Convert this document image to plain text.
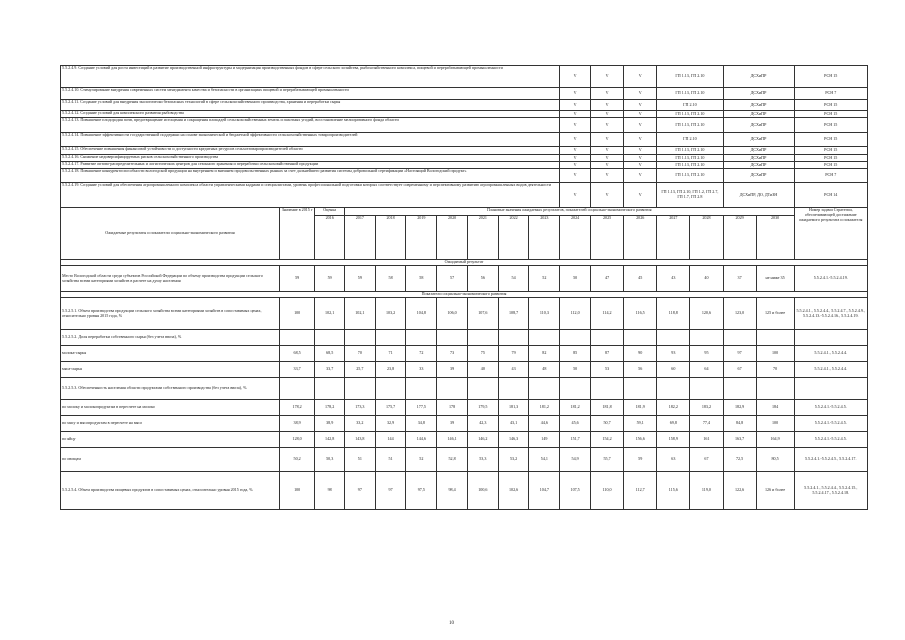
5.5.2.4.9. Создание условий для роста инвестиций в развитие производственной инфраструктуры и модернизация производственных фондов в сфере сельского хозяйства, рыбохозяйственного комплекса, пищевой и перерабатывающей промышленности										V	V	V	ГП 1.13, ГП 2.10		ДСХиПР		РСН 15
5.5.2.4.10. Стимулирование внедрения современных систем менеджмента качества и безопасности в организациях пищевой и перерабатывающей промышленности										V	V	V	ГП 1.13, ГП 2.10		ДСХиПР		РСН 7
5.5.2.4.11. Создание условий для внедрения экологически безопасных технологий в сфере сельскохозяйственного производства, хранения и переработки сырья										V	V	V	ГП 2.10		ДСХиПР		РСН 15
5.5.2.4.12. Создание условий для комплексного развития рыбоводства										V	V	V	ГП 1.13, ГП 2.10		ДСХиПР		РСН 15
5.5.2.4.13. Повышение плодородия почв, предотвращение истощения и сокращения площадей сельскохозяйственных земель и пахотных угодий, восстановление мелиоративного фонда области										V	V	V	ГП 1.13, ГП 2.10		ДСХиПР		РСН 15
5.5.2.4.14. Повышение эффективности государственной поддержки на основе экономической и бюджетной эффективности сельскохозяйственных товаропроизводителей										V	V	V	ГП 2.10		ДСХиПР		РСН 15
5.5.2.4.15. Обеспечение повышения финансовой устойчивости и доступности кредитных ресурсов сельхозтоваропроизводителей области										V	V	V	ГП 1.13, ГП 2.10		ДСХиПР		РСН 15
5.5.2.4.16. Снижение недиверсифицируемых рисков сельскохозяйственного производства										V	V	V	ГП 1.13, ГП 2.10		ДСХиПР		РСН 15
5.5.2.4.17. Развитие оптово-распределительных и логистических центров для сезонного хранения и переработки сельскохозяйственной продукции										V	V	V	ГП 1.13, ГП 2.10		ДСХиПР		РСН 15
5.5.2.4.18. Повышение конкурентоспособности вологодской продукции на внутреннем и внешнем продовольственных рынках за счет дальнейшего развития системы добровольной сертификации «Настоящий Вологодский продукт»										V	V	V	ГП 1.13, ГП 2.10		ДСХиПР		РСН 7
5.5.2.4.19. Создание условий для обеспечения агропромышленного комплекса области управленческими кадрами и специалистами, уровень профессиональной подготовки которых соответствует современному и перспективному развитию агропромышленных видов деятельности										V	V	V	ГП 1.13, ГП 2.10, ГП 1.2, ГП 2.7, ГП 1.7, ГП 2.8		ДСХиПР, ДО, ДТиЗН		РСН 14
Ожидаемые результаты и показатели социально-экономического развития	Значение в 2015 г	Оценка	Плановые значения ожидаемых результатов, показателей социально-экономического развития														Номер задачи Стратегии, обеспечивающей достижение ожидаемого результата и показателя
		2016	2017	2018	2019	2020	2021	2022	2023	2024	2025	2026	2027	2028	2029	2030	
Ожидаемый результат																	
Место Вологодской области среди субъектов Российской Федерации по объему производства продукции сельского хозяйства всеми категориями хозяйств в расчете на душу населения	59	59	59	58	58	57	56	54	52	50	47	45	43	40	37	не ниже 35	5.5.2.4.1.-5.5.2.4.19.
Показатели социально-экономического развития																	
5.5.2.5.1. Объем производства продукции сельского хозяйства всеми категориями хозяйств в сопоставимых ценах, относительно уровня 2015 года, %	100	102,1	102,1	103,2	104,8	106,0	107,6	108,7	110,3	112,0	114,2	116,5	118,8	120,6	123,0	125 и более	5.5.2.4.1., 5.5.2.4.4., 5.5.2.4.7., 5.5.2.4.9., 5.5.2.4.13.-5.5.2.4.16., 5.5.2.4.19.
5.5.2.5.2. Доля переработки собственного сырья (без учета ввоза), %																	
молока-сырья	68,5	68,5	70	71	72	73	75	79	82	85	87	90	93	95	97	100	5.5.2.4.1., 5.5.2.4.4.
мяса-сырья	33,7	33,7	25,7	23,8	33	39	40	43	48	50	53	56	60	64	67	70	5.5.2.4.1., 5.5.2.4.4.
5.5.2.5.3. Обеспеченность населения области продуктами собственного производства (без учета ввоза), %																	
по молоку и молокопродуктам в пересчете на молоко	178,2	178,2	173,3	175,7	177,5	178	179,5	181,3	181,2	181,2	181,8	181,9	182,2	183,2	182,9	184	5.5.2.4.1.-5.5.2.4.5.
по мясу и мясопродуктам в пересчете на мясо	38,9	38,9	33,2	32,9	34,8	39	42,3	43,1	44,6	45,6	50,7	59,1	69,8	77,4	84,8	100	5.5.2.4.1.-5.5.2.4.5.
по яйцу	128,0	142,8	143,8	144	144,6	146,1	146,2	146,3	149	151,7	154,2	156,6	158,9	161	163,7	164,9	5.5.2.4.1.-5.5.2.4.5.
по овощам	50,2	50,3	51	51	52	52,8	53,3	53,2	54,1	54,9	55,7	59	63	67	72,5	80,5	5.5.2.4.1.-5.5.2.4.5., 5.5.2.4.17.
5.5.2.5.4. Объем производства пищевых продуктов в сопоставимых ценах, относительно уровня 2015 года, %	100	98	97	97	97,5	98,4	100,6	102,6	104,7	107,5	110,0	112,7	115,6	119,0	122,6	126 и более	5.5.2.4.1., 5.5.2.4.4., 5.5.2.4.15., 5.5.2.4.17., 5.5.2.4.18.
10
